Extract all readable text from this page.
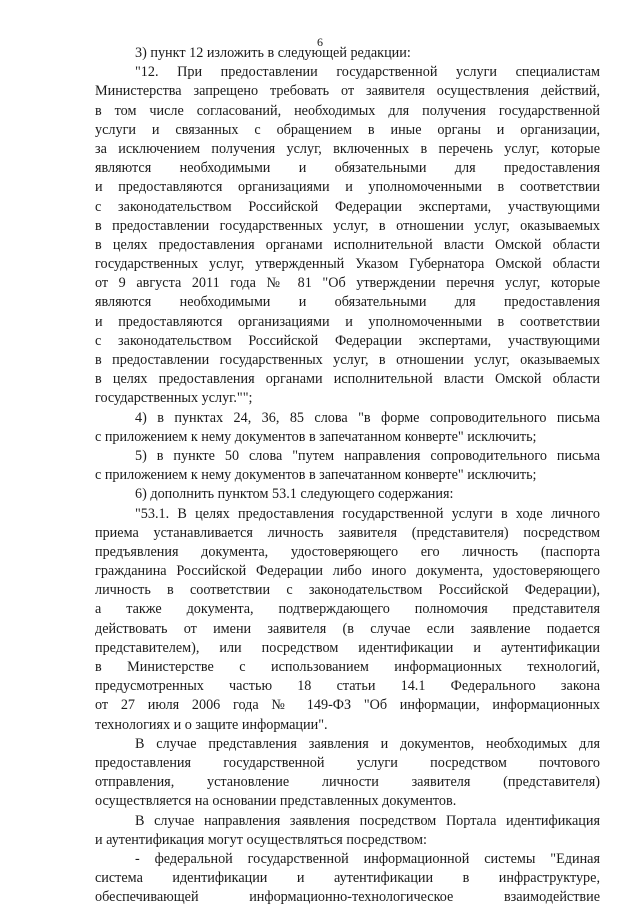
6
3) пункт 12 изложить в следующей редакции:
"12. При предоставлении государственной услуги специалистам
Министерства запрещено требовать от заявителя осуществления действий,
в том числе согласований, необходимых для получения государственной
услуги и связанных с обращением в иные органы и организации,
за исключением получения услуг, включенных в перечень услуг, которые
являются необходимыми и обязательными для предоставления
и предоставляются организациями и уполномоченными в соответствии
с законодательством Российской Федерации экспертами, участвующими
в предоставлении государственных услуг, в отношении услуг, оказываемых
в целях предоставления органами исполнительной власти Омской области
государственных услуг, утвержденный Указом Губернатора Омской области
от 9 августа 2011 года № 81 "Об утверждении перечня услуг, которые
являются необходимыми и обязательными для предоставления
и предоставляются организациями и уполномоченными в соответствии
с законодательством Российской Федерации экспертами, участвующими
в предоставлении государственных услуг, в отношении услуг, оказываемых
в целях предоставления органами исполнительной власти Омской области
государственных услуг."";
4) в пунктах 24, 36, 85 слова "в форме сопроводительного письма
с приложением к нему документов в запечатанном конверте" исключить;
5) в пункте 50 слова "путем направления сопроводительного письма
с приложением к нему документов в запечатанном конверте" исключить;
6) дополнить пунктом 53.1 следующего содержания:
"53.1. В целях предоставления государственной услуги в ходе личного
приема устанавливается личность заявителя (представителя) посредством
предъявления документа, удостоверяющего его личность (паспорта
гражданина Российской Федерации либо иного документа, удостоверяющего
личность в соответствии с законодательством Российской Федерации),
а также документа, подтверждающего полномочия представителя
действовать от имени заявителя (в случае если заявление подается
представителем), или посредством идентификации и аутентификации
в Министерстве с использованием информационных технологий,
предусмотренных частью 18 статьи 14.1 Федерального закона
от 27 июля 2006 года № 149-ФЗ "Об информации, информационных
технологиях и о защите информации".
В случае представления заявления и документов, необходимых для
предоставления государственной услуги посредством почтового
отправления, установление личности заявителя (представителя)
осуществляется на основании представленных документов.
В случае направления заявления посредством Портала идентификация
и аутентификация могут осуществляться посредством:
- федеральной государственной информационной системы "Единая
система идентификации и аутентификации в инфраструктуре,
обеспечивающей информационно-технологическое взаимодействие
